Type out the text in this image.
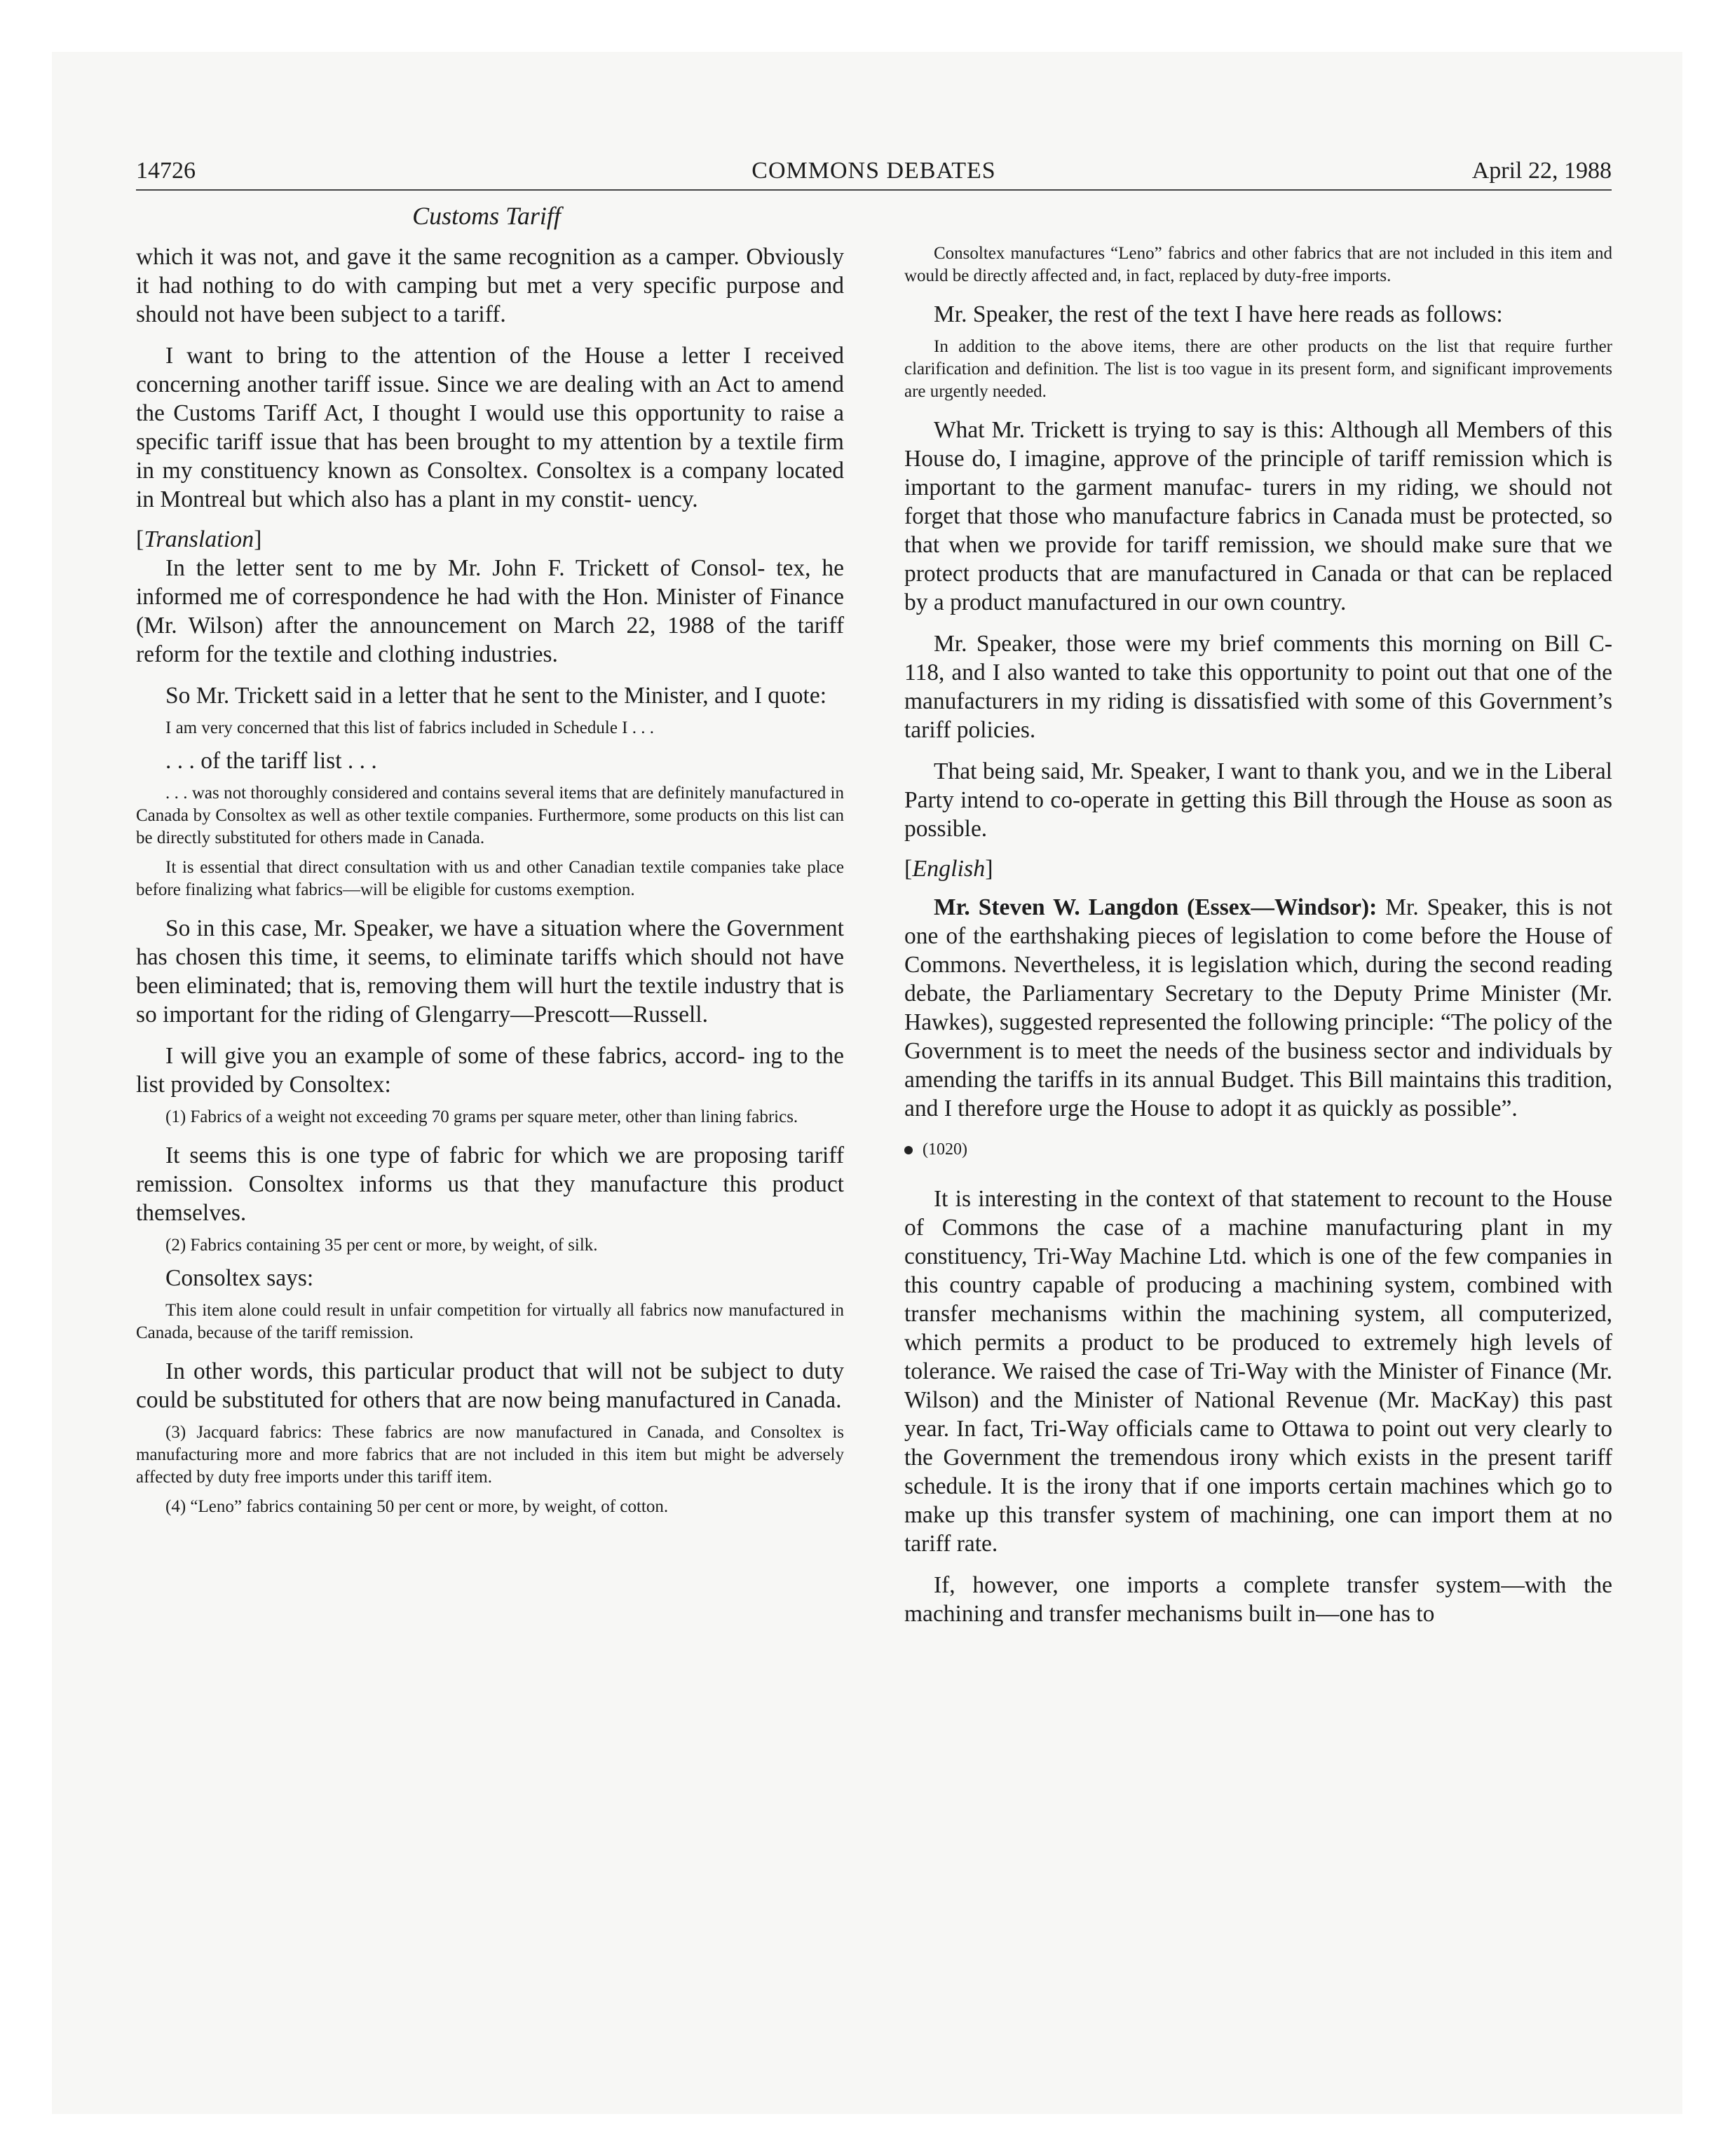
14726	COMMONS DEBATES	April 22, 1988
Customs Tariff

which it was not, and gave it the same recognition as a camper. Obviously it had nothing to do with camping but met a very specific purpose and should not have been subject to a tariff.

I want to bring to the attention of the House a letter I received concerning another tariff issue. Since we are dealing with an Act to amend the Customs Tariff Act, I thought I would use this opportunity to raise a specific tariff issue that has been brought to my attention by a textile firm in my constituency known as Consoltex. Consoltex is a company located in Montreal but which also has a plant in my constit- uency.

[Translation]

In the letter sent to me by Mr. John F. Trickett of Consol- tex, he informed me of correspondence he had with the Hon. Minister of Finance (Mr. Wilson) after the announcement on March 22, 1988 of the tariff reform for the textile and clothing industries.

So Mr. Trickett said in a letter that he sent to the Minister, and I quote:

I am very concerned that this list of fabrics included in Schedule I . . .

. . . of the tariff list . . .

. . . was not thoroughly considered and contains several items that are definitely manufactured in Canada by Consoltex as well as other textile companies. Furthermore, some products on this list can be directly substituted for others made in Canada.
It is essential that direct consultation with us and other Canadian textile companies take place before finalizing what fabrics—will be eligible for customs exemption.

So in this case, Mr. Speaker, we have a situation where the Government has chosen this time, it seems, to eliminate tariffs which should not have been eliminated; that is, removing them will hurt the textile industry that is so important for the riding of Glengarry—Prescott—Russell.

I will give you an example of some of these fabrics, accord- ing to the list provided by Consoltex:

(1) Fabrics of a weight not exceeding 70 grams per square meter, other than lining fabrics.

It seems this is one type of fabric for which we are proposing tariff remission. Consoltex informs us that they manufacture this product themselves.

(2) Fabrics containing 35 per cent or more, by weight, of silk.

Consoltex says:

This item alone could result in unfair competition for virtually all fabrics now manufactured in Canada, because of the tariff remission.

In other words, this particular product that will not be subject to duty could be substituted for others that are now being manufactured in Canada.

(3) Jacquard fabrics: These fabrics are now manufactured in Canada, and Consoltex is manufacturing more and more fabrics that are not included in this item but might be adversely affected by duty free imports under this tariff item.
(4) “Leno” fabrics containing 50 per cent or more, by weight, of cotton.
Consoltex manufactures “Leno” fabrics and other fabrics that are not included in this item and would be directly affected and, in fact, replaced by duty-free imports.

Mr. Speaker, the rest of the text I have here reads as follows:

In addition to the above items, there are other products on the list that require further clarification and definition. The list is too vague in its present form, and significant improvements are urgently needed.

What Mr. Trickett is trying to say is this: Although all Members of this House do, I imagine, approve of the principle of tariff remission which is important to the garment manufac- turers in my riding, we should not forget that those who manufacture fabrics in Canada must be protected, so that when we provide for tariff remission, we should make sure that we protect products that are manufactured in Canada or that can be replaced by a product manufactured in our own country.

Mr. Speaker, those were my brief comments this morning on Bill C-118, and I also wanted to take this opportunity to point out that one of the manufacturers in my riding is dissatisfied with some of this Government’s tariff policies.

That being said, Mr. Speaker, I want to thank you, and we in the Liberal Party intend to co-operate in getting this Bill through the House as soon as possible.

[English]

Mr. Steven W. Langdon (Essex—Windsor): Mr. Speaker, this is not one of the earthshaking pieces of legislation to come before the House of Commons. Nevertheless, it is legislation which, during the second reading debate, the Parliamentary Secretary to the Deputy Prime Minister (Mr. Hawkes), suggested represented the following principle: “The policy of the Government is to meet the needs of the business sector and individuals by amending the tariffs in its annual Budget. This Bill maintains this tradition, and I therefore urge the House to adopt it as quickly as possible”.

(1020)

It is interesting in the context of that statement to recount to the House of Commons the case of a machine manufacturing plant in my constituency, Tri-Way Machine Ltd. which is one of the few companies in this country capable of producing a machining system, combined with transfer mechanisms within the machining system, all computerized, which permits a product to be produced to extremely high levels of tolerance. We raised the case of Tri-Way with the Minister of Finance (Mr. Wilson) and the Minister of National Revenue (Mr. MacKay) this past year. In fact, Tri-Way officials came to Ottawa to point out very clearly to the Government the tremendous irony which exists in the present tariff schedule. It is the irony that if one imports certain machines which go to make up this transfer system of machining, one can import them at no tariff rate.

If, however, one imports a complete transfer system—with the machining and transfer mechanisms built in—one has to
